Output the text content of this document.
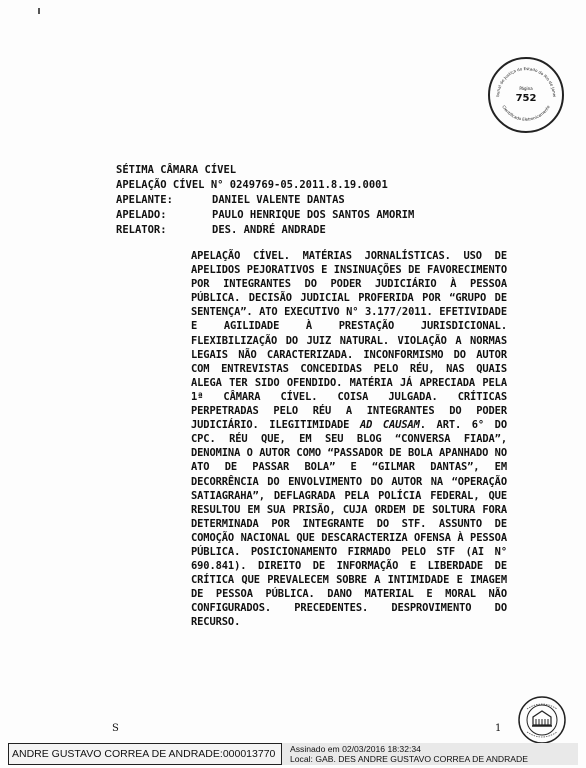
bunal de Justiça do Estado do Rio de Janei
Cientificado Eletronicamente
Página
752
SÉTIMA CÂMARA CÍVEL
APELAÇÃO CÍVEL N° 0249769-05.2011.8.19.0001
APELANTE:	DANIEL VALENTE DANTAS
APELADO:	PAULO HENRIQUE DOS SANTOS AMORIM
RELATOR:	DES. ANDRÉ ANDRADE

APELAÇÃO CÍVEL. MATÉRIAS JORNALÍSTICAS. USO DE APELIDOS PEJORATIVOS E INSINUAÇÕES DE FAVORECIMENTO POR INTEGRANTES DO PODER JUDICIÁRIO À PESSOA PÚBLICA. DECISÃO JUDICIAL PROFERIDA POR “GRUPO DE SENTENÇA”. ATO EXECUTIVO N° 3.177/2011. EFETIVIDADE E AGILIDADE À PRESTAÇÃO JURISDICIONAL. FLEXIBILIZAÇÃO DO JUIZ NATURAL. VIOLAÇÃO A NORMAS LEGAIS NÃO CARACTERIZADA. INCONFORMISMO DO AUTOR COM ENTREVISTAS CONCEDIDAS PELO RÉU, NAS QUAIS ALEGA TER SIDO OFENDIDO. MATÉRIA JÁ APRECIADA PELA 1ª CÂMARA CÍVEL. COISA JULGADA. CRÍTICAS PERPETRADAS PELO RÉU A INTEGRANTES DO PODER JUDICIÁRIO. ILEGITIMIDADE AD CAUSAM. ART. 6° DO CPC. RÉU QUE, EM SEU BLOG “CONVERSA FIADA”, DENOMINA O AUTOR COMO “PASSADOR DE BOLA APANHADO NO ATO DE PASSAR BOLA” E “GILMAR DANTAS”, EM DECORRÊNCIA DO ENVOLVIMENTO DO AUTOR NA “OPERAÇÃO SATIAGRAHA”, DEFLAGRADA PELA POLÍCIA FEDERAL, QUE RESULTOU EM SUA PRISÃO, CUJA ORDEM DE SOLTURA FORA DETERMINADA POR INTEGRANTE DO STF. ASSUNTO DE COMOÇÃO NACIONAL QUE DESCARACTERIZA OFENSA À PESSOA PÚBLICA. POSICIONAMENTO FIRMADO PELO STF (AI N° 690.841). DIREITO DE INFORMAÇÃO E LIBERDADE DE CRÍTICA QUE PREVALECEM SOBRE A INTIMIDADE E IMAGEM DE PESSOA PÚBLICA. DANO MATERIAL E MORAL NÃO CONFIGURADOS. PRECEDENTES. DESPROVIMENTO DO RECURSO.

S	1
ANDRE GUSTAVO CORREA DE ANDRADE:000013770	Assinado em 02/03/2016 18:32:34
Local: GAB. DES ANDRE GUSTAVO CORREA DE ANDRADE
